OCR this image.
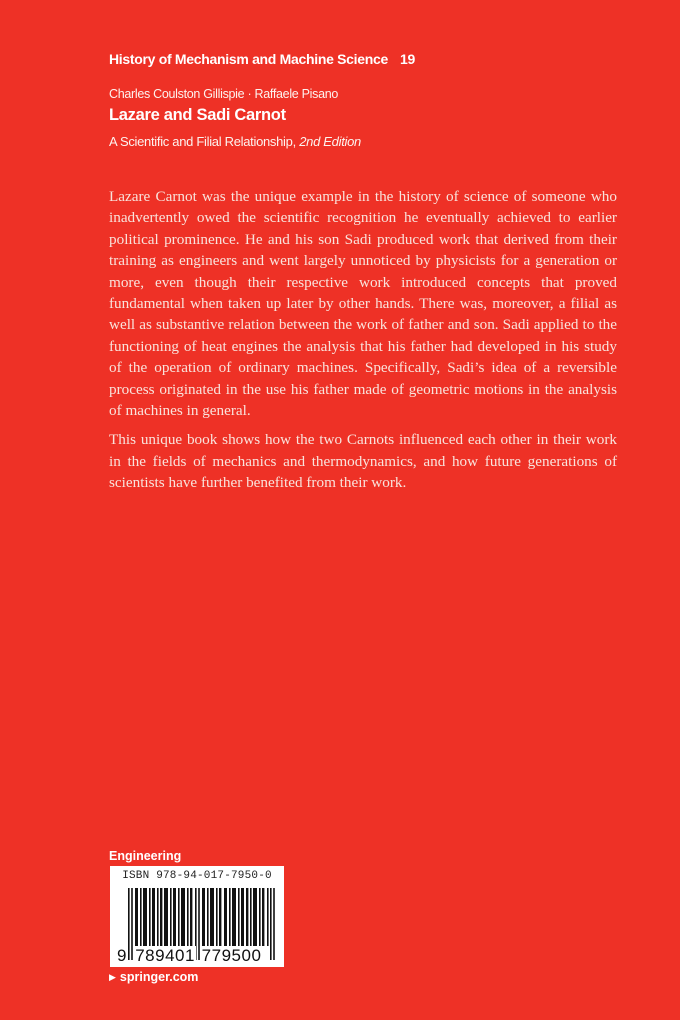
History of Mechanism and Machine Science 19
Charles Coulston Gillispie · Raffaele Pisano
Lazare and Sadi Carnot
A Scientific and Filial Relationship, 2nd Edition

Lazare Carnot was the unique example in the history of science of someone who inadvertently owed the scientific recognition he eventually achieved to earlier political prominence. He and his son Sadi produced work that derived from their training as engineers and went largely unnoticed by physicists for a generation or more, even though their respective work introduced concepts that proved fundamental when taken up later by other hands. There was, moreover, a filial as well as substantive relation between the work of father and son. Sadi applied to the functioning of heat engines the analysis that his father had developed in his study of the operation of ordinary machines. Specifically, Sadi’s idea of a reversible process originated in the use his father made of geometric motions in the analysis of machines in general.

This unique book shows how the two Carnots influenced each other in their work in the fields of mechanics and thermodynamics, and how future generations of scientists have further benefited from their work.

Engineering
ISBN 978-94-017-7950-0
9 789401 779500
▶ springer.com
